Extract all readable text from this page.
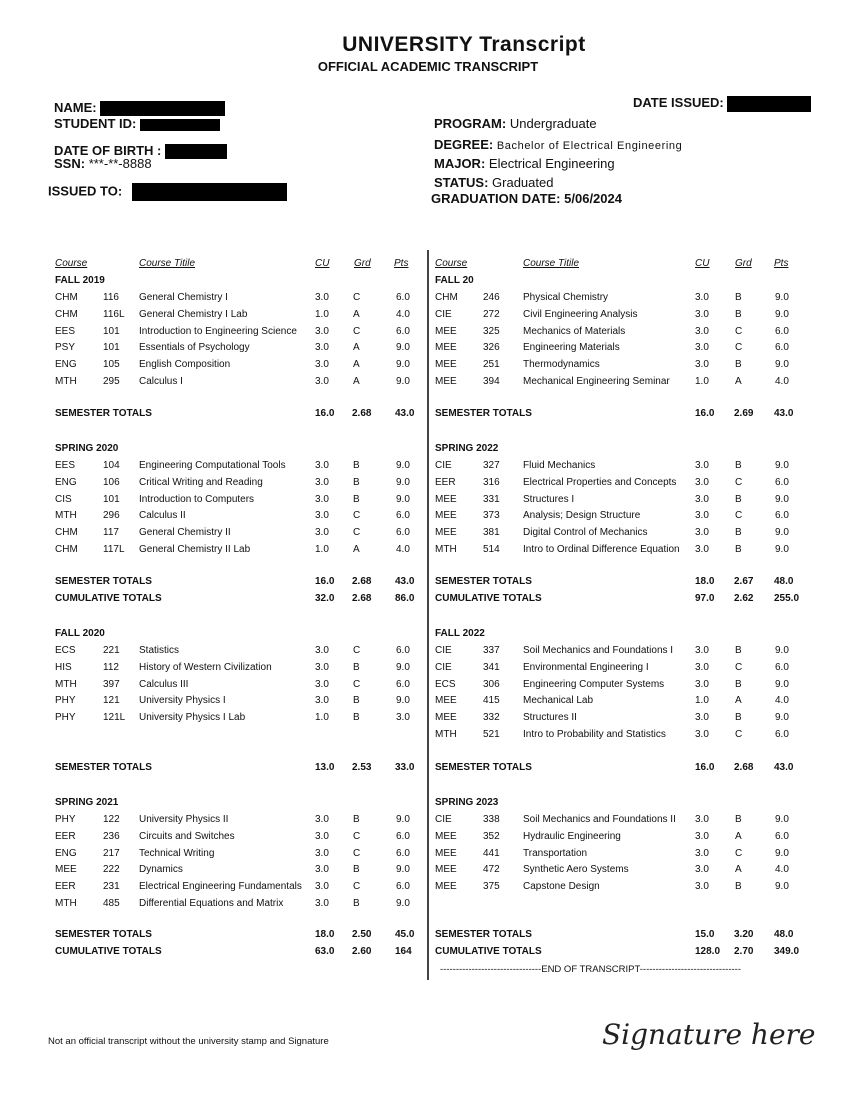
UNIVERSITY Transcript
OFFICIAL ACADEMIC TRANSCRIPT
NAME:
STUDENT ID:
DATE OF BIRTH :
SSN: ***-**-8888
ISSUED TO:
DATE ISSUED:
PROGRAM: Undergraduate
DEGREE: Bachelor of Electrical Engineering
MAJOR: Electrical Engineering
STATUS: Graduated
GRADUATION DATE: 5/06/2024
Course	Course Titile	CU Grd Pts	Course	Course Titile	CU	Grd Pts
FALL 2019
CHM	116 General Chemistry I	3.0 C	6.0
CHM	116L General Chemistry I Lab	1.0 A	4.0
EES	101 Introduction to Engineering Science 3.0 C	6.0
PSY	101 Essentials of Psychology	3.0 A	9.0
ENG	105 English Composition	3.0 A	9.0
MTH	295 Calculus I	3.0 A	9.0
SEMESTER TOTALS	16.0 2.68 43.0
SPRING 2020
EES	104 Engineering Computational Tools	3.0 B	9.0
ENG	106 Critical Writing and Reading	3.0 B	9.0
CIS	101 Introduction to Computers	3.0 B	9.0
MTH	296 Calculus II	3.0 C	6.0
CHM	117 General Chemistry II	3.0 C	6.0
CHM	117L General Chemistry II Lab	1.0 A	4.0
SEMESTER TOTALS	16.0 2.68 43.0
CUMULATIVE TOTALS	32.0 2.68 86.0
FALL 2020
ECS	221 Statistics	3.0 C	6.0
HIS	112 History of Western Civilization	3.0 B	9.0
MTH	397 Calculus III	3.0 C	6.0
PHY	121 University Physics I	3.0 B	9.0
PHY	121L University Physics I Lab	1.0 B	3.0
SEMESTER TOTALS	13.0 2.53 33.0
SPRING 2021
PHY	122 University Physics II	3.0 B	9.0
EER	236 Circuits and Switches	3.0 C	6.0
ENG	217 Technical Writing	3.0 C	6.0
MEE	222 Dynamics	3.0 B	9.0
EER	231 Electrical Engineering Fundamentals 3.0 C	6.0
MTH	485 Differential Equations and Matrix	3.0 B	9.0
SEMESTER TOTALS	18.0 2.50 45.0
CUMULATIVE TOTALS	63.0 2.60 164
FALL 20
CHM	246 Physical Chemistry	3.0	B	9.0
CIE	272 Civil Engineering Analysis	3.0	B	9.0
MEE	325 Mechanics of Materials	3.0	C	6.0
MEE	326 Engineering Materials	3.0	C	6.0
MEE	251 Thermodynamics	3.0	B	9.0
MEE	394 Mechanical Engineering Seminar	1.0	A	4.0
SEMESTER TOTALS	16.0 2.69 43.0
SPRING 2022
CIE	327 Fluid Mechanics	3.0	B	9.0
EER	316 Electrical Properties and Concepts 3.0	C	6.0
MEE	331 Structures I	3.0	B	9.0
MEE	373 Analysis; Design Structure	3.0	C	6.0
MEE	381 Digital Control of Mechanics	3.0	B	9.0
MTH	514 Intro to Ordinal Difference Equation 3.0	B	9.0
SEMESTER TOTALS	18.0 2.67 48.0
CUMULATIVE TOTALS	97.0 2.62 255.0
FALL 2022
CIE	337 Soil Mechanics and Foundations I 3.0	B	9.0
CIE	341 Environmental Engineering I	3.0	C	6.0
ECS	306 Engineering Computer Systems	3.0	B	9.0
MEE	415 Mechanical Lab	1.0	A	4.0
MEE	332 Structures II	3.0	B	9.0
MTH	521 Intro to Probability and Statistics	3.0	C	6.0
SEMESTER TOTALS	16.0 2.68 43.0
SPRING 2023
CIE	338 Soil Mechanics and Foundations II 3.0	B	9.0
MEE	352 Hydraulic Engineering	3.0	A	6.0
MEE	441 Transportation	3.0	C	9.0
MEE	472 Synthetic Aero Systems	3.0	A	4.0
MEE	375 Capstone Design	3.0	B	9.0
SEMESTER TOTALS	15.0 3.20 48.0
CUMULATIVE TOTALS	128.0 2.70 349.0
--------------------------------END OF TRANSCRIPT--------------------------------
Not an official transcript without the university stamp and Signature	Signature here
